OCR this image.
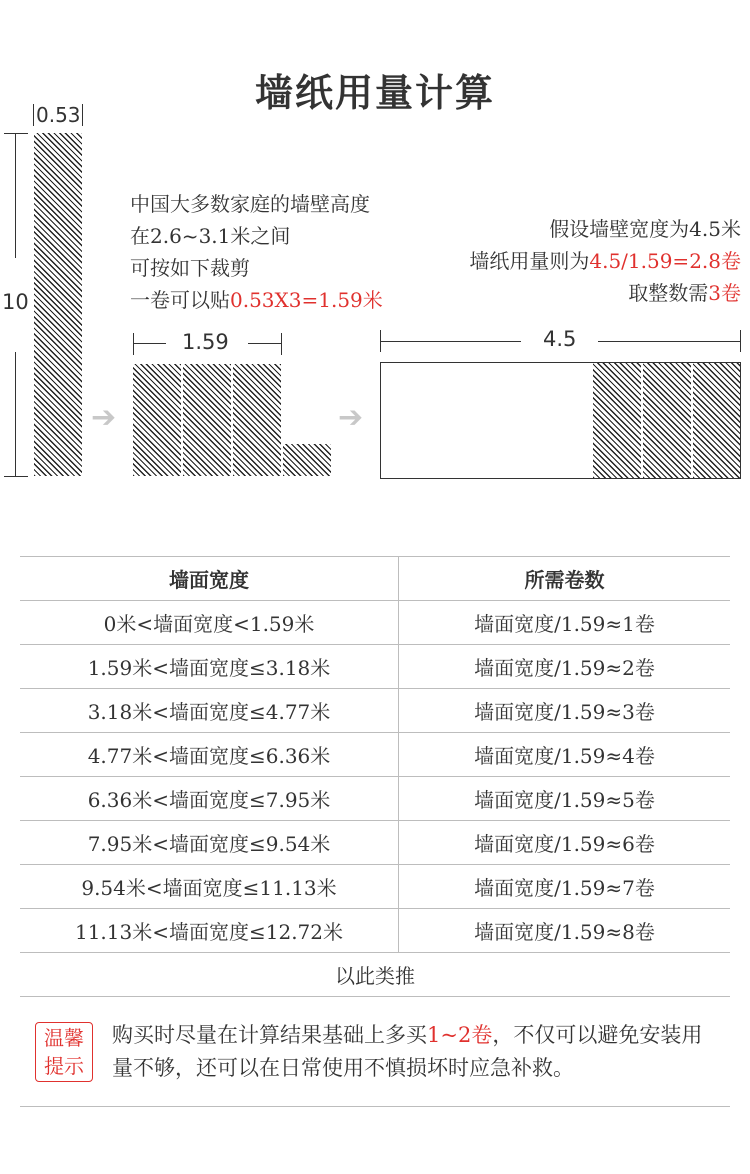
墙纸用量计算
0.53
10
中国大多数家庭的墙壁高度
在2.6~3.1米之间
可按如下裁剪
一卷可以贴0.53X3=1.59米
假设墙壁宽度为4.5米
墙纸用量则为4.5/1.59=2.8卷
取整数需3卷
➔	➔
1.59	4.5
墙面宽度	所需卷数
0米<墙面宽度<1.59米	墙面宽度/1.59≈1卷
1.59米<墙面宽度≤3.18米	墙面宽度/1.59≈2卷
3.18米<墙面宽度≤4.77米	墙面宽度/1.59≈3卷
4.77米<墙面宽度≤6.36米	墙面宽度/1.59≈4卷
6.36米<墙面宽度≤7.95米	墙面宽度/1.59≈5卷
7.95米<墙面宽度≤9.54米	墙面宽度/1.59≈6卷
9.54米<墙面宽度≤11.13米	墙面宽度/1.59≈7卷
11.13米<墙面宽度≤12.72米	墙面宽度/1.59≈8卷
以此类推	
温馨
提示
购买时尽量在计算结果基础上多买1~2卷，不仅可以避免安装用量不够，还可以在日常使用不慎损坏时应急补救。
